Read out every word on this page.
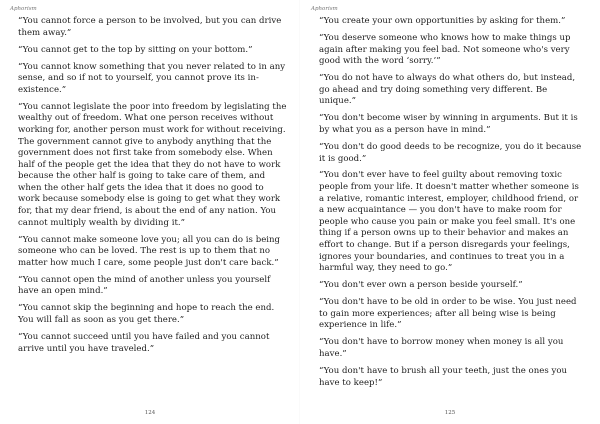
Aphorism

“You cannot force a person to be involved, but you can drive them away.”

“You cannot get to the top by sitting on your bottom.”

“You cannot know something that you never related to in any sense, and so if not to yourself, you cannot prove its in-existence.”

“You cannot legislate the poor into freedom by legislating the wealthy out of freedom. What one person receives without working for, another person must work for without receiving. The government cannot give to anybody anything that the government does not first take from somebody else. When half of the people get the idea that they do not have to work because the other half is going to take care of them, and when the other half gets the idea that it does no good to work because somebody else is going to get what they work for, that my dear friend, is about the end of any nation. You cannot multiply wealth by dividing it.”

“You cannot make someone love you; all you can do is being someone who can be loved. The rest is up to them that no matter how much I care, some people just don't care back.”

“You cannot open the mind of another unless you yourself have an open mind.”

“You cannot skip the beginning and hope to reach the end. You will fall as soon as you get there.”

“You cannot succeed until you have failed and you cannot arrive until you have traveled.”

124
Aphorism

“You create your own opportunities by asking for them.”

“You deserve someone who knows how to make things up again after making you feel bad. Not someone who's very good with the word ‘sorry.’”

“You do not have to always do what others do, but instead, go ahead and try doing something very different. Be unique.”

“You don't become wiser by winning in arguments. But it is by what you as a person have in mind.”

“You don't do good deeds to be recognize, you do it because it is good.”

“You don't ever have to feel guilty about removing toxic people from your life. It doesn't matter whether someone is a relative, romantic interest, employer, childhood friend, or a new acquaintance — you don't have to make room for people who cause you pain or make you feel small. It's one thing if a person owns up to their behavior and makes an effort to change. But if a person disregards your feelings, ignores your boundaries, and continues to treat you in a harmful way, they need to go.”

“You don't ever own a person beside yourself.”

“You don't have to be old in order to be wise. You just need to gain more experiences; after all being wise is being experience in life.”

“You don't have to borrow money when money is all you have.”

“You don't have to brush all your teeth, just the ones you have to keep!”

125
